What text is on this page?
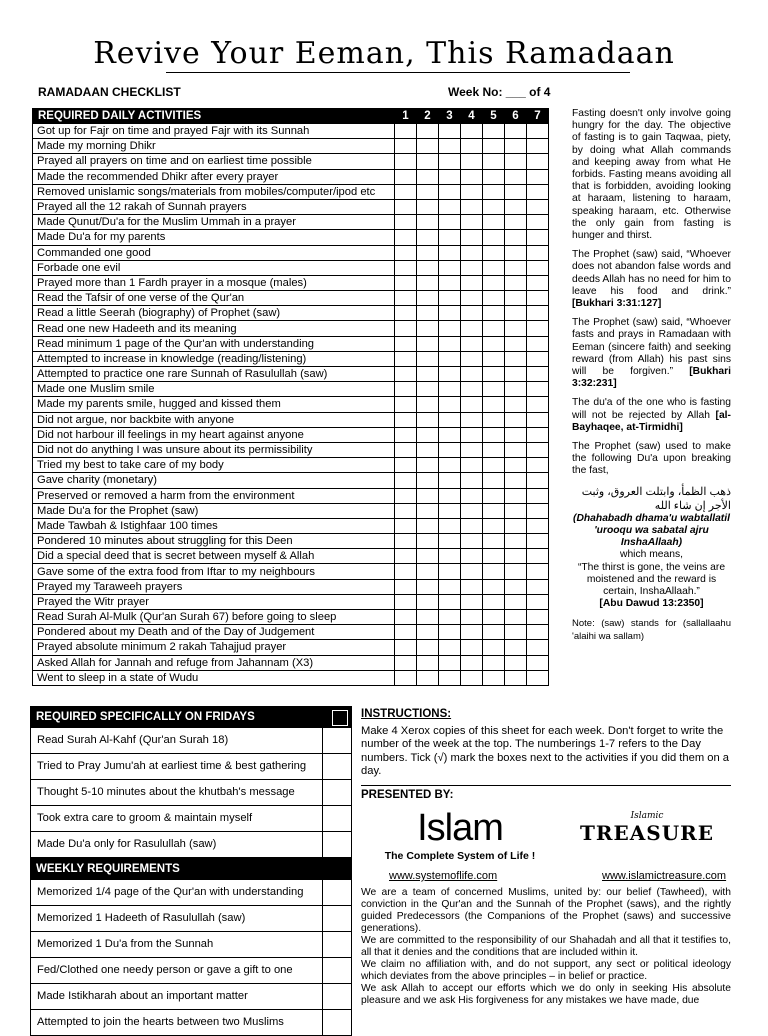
Revive Your Eeman, This Ramadaan
RAMADAAN CHECKLIST	Week No: ___ of 4
REQUIRED DAILY ACTIVITIES	1	2	3	4	5	6	7
Got up for Fajr on time and prayed Fajr with its Sunnah							
Made my morning Dhikr							
Prayed all prayers on time and on earliest time possible							
Made the recommended Dhikr after every prayer							
Removed unislamic songs/materials from mobiles/computer/ipod etc							
Prayed all the 12 rakah of Sunnah prayers							
Made Qunut/Du'a for the Muslim Ummah in a prayer							
Made Du'a for my parents							
Commanded one good							
Forbade one evil							
Prayed more than 1 Fardh prayer in a mosque (males)							
Read the Tafsir of one verse of the Qur'an							
Read a little Seerah (biography) of Prophet (saw)							
Read one new Hadeeth and its meaning							
Read minimum 1 page of the Qur'an with understanding							
Attempted to increase in knowledge (reading/listening)							
Attempted to practice one rare Sunnah of Rasulullah (saw)							
Made one Muslim smile							
Made my parents smile, hugged and kissed them							
Did not argue, nor backbite with anyone							
Did not harbour ill feelings in my heart against anyone							
Did not do anything I was unsure about its permissibility							
Tried my best to take care of my body							
Gave charity (monetary)							
Preserved or removed a harm from the environment							
Made Du'a for the Prophet (saw)							
Made Tawbah & Istighfaar 100 times							
Pondered 10 minutes about struggling for this Deen							
Did a special deed that is secret between myself & Allah							
Gave some of the extra food from Iftar to my neighbours							
Prayed my Taraweeh prayers							
Prayed the Witr prayer							
Read Surah Al-Mulk (Qur'an Surah 67) before going to sleep							
Pondered about my Death and of the Day of Judgement							
Prayed absolute minimum 2 rakah Tahajjud prayer							
Asked Allah for Jannah and refuge from Jahannam (X3)							
Went to sleep in a state of Wudu							

Fasting doesn't only involve going hungry for the day. The objective of fasting is to gain Taqwaa, piety, by doing what Allah commands and keeping away from what He forbids. Fasting means avoiding all that is forbidden, avoiding looking at haraam, listening to haraam, speaking haraam, etc. Otherwise the only gain from fasting is hunger and thirst.

The Prophet (saw) said, “Whoever does not abandon false words and deeds Allah has no need for him to leave his food and drink.” [Bukhari 3:31:127]

The Prophet (saw) said, “Whoever fasts and prays in Ramadaan with Eeman (sincere faith) and seeking reward (from Allah) his past sins will be forgiven.” [Bukhari 3:32:231]

The du'a of the one who is fasting will not be rejected by Allah [al-Bayhaqee, at-Tirmidhi]

The Prophet (saw) used to make the following Du'a upon breaking the fast,

ذهب الظمأ، وابتلت العروق، وثبت الأجر إن شاء الله

(Dhahabadh dhama'u wabtallatil 'urooqu wa sabatal ajru InshaAllaah)

which means,

“The thirst is gone, the veins are moistened and the reward is certain, InshaAllaah.”

[Abu Dawud 13:2350]

Note: (saw) stands for (sallallaahu 'alaihi wa sallam)

REQUIRED SPECIFICALLY ON FRIDAYS
Read Surah Al-Kahf (Qur'an Surah 18)
Tried to Pray Jumu'ah at earliest time & best gathering
Thought 5-10 minutes about the khutbah's message
Took extra care to groom & maintain myself
Made Du'a only for Rasulullah (saw)
WEEKLY REQUIREMENTS
Memorized 1/4 page of the Qur'an with understanding
Memorized 1 Hadeeth of Rasulullah (saw)
Memorized 1 Du'a from the Sunnah
Fed/Clothed one needy person or gave a gift to one
Made Istikharah about an important matter
Attempted to join the hearts between two Muslims
INSTRUCTIONS:

Make 4 Xerox copies of this sheet for each week. Don't forget to write the number of the week at the top. The numberings 1-7 refers to the Day numbers. Tick (√) mark the boxes next to the activities if you did them on a day.

PRESENTED BY:
Islam
The Complete System of Life !
Islamic
TREASURE
www.systemoflife.com	www.islamictreasure.com

We are a team of concerned Muslims, united by: our belief (Tawheed), with conviction in the Qur'an and the Sunnah of the Prophet (saws), and the rightly guided Predecessors (the Companions of the Prophet (saws) and successive generations).

We are committed to the responsibility of our Shahadah and all that it testifies to, all that it denies and the conditions that are included within it.

We claim no affiliation with, and do not support, any sect or political ideology which deviates from the above principles – in belief or practice.

We ask Allah to accept our efforts which we do only in seeking His absolute pleasure and we ask His forgiveness for any mistakes we have made, due
